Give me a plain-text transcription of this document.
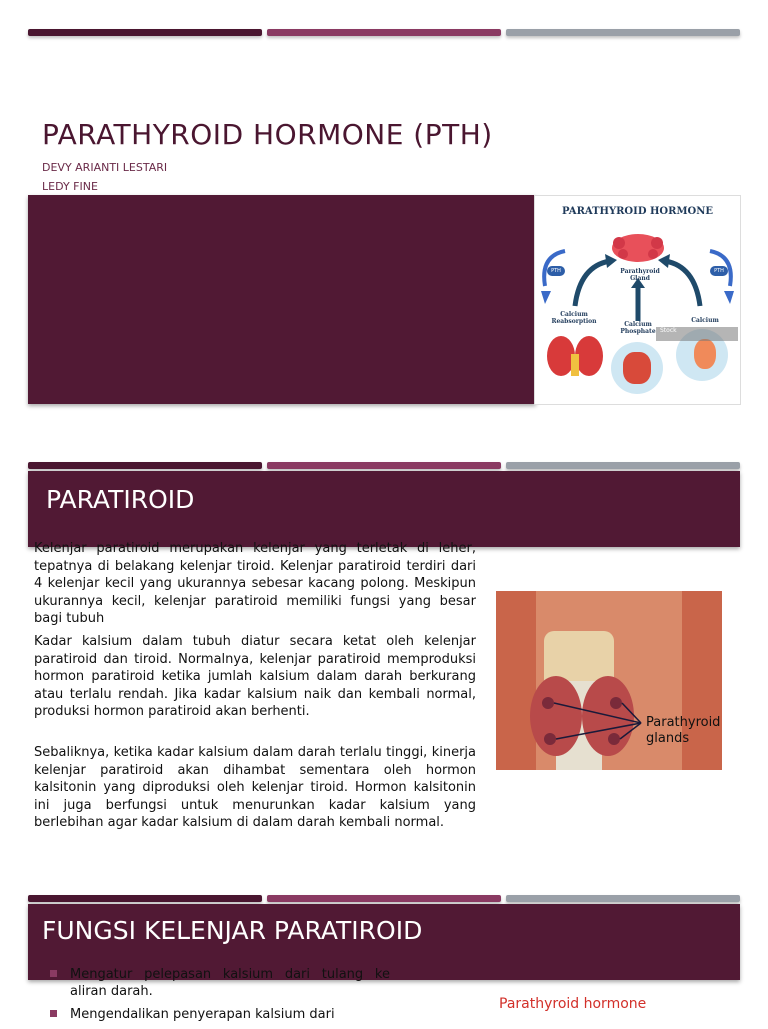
PARATHYROID HORMONE (PTH)
DEVY ARIANTI LESTARI
LEDY FINE
PARATHYROID HORMONE
Parathyroid Gland
PTH	PTH
Calcium Reabsorption	Calcium Phosphate
Calcium
Stock
PARATIROID

Kelenjar paratiroid merupakan kelenjar yang terletak di leher, tepatnya di belakang kelenjar tiroid. Kelenjar paratiroid terdiri dari 4 kelenjar kecil yang ukurannya sebesar kacang polong. Meskipun ukurannya kecil, kelenjar paratiroid memiliki fungsi yang besar bagi tubuh

Kadar kalsium dalam tubuh diatur secara ketat oleh kelenjar paratiroid dan tiroid. Normalnya, kelenjar paratiroid memproduksi hormon paratiroid ketika jumlah kalsium dalam darah berkurang atau terlalu rendah. Jika kadar kalsium naik dan kembali normal, produksi hormon paratiroid akan berhenti.

Sebaliknya, ketika kadar kalsium dalam darah terlalu tinggi, kinerja kelenjar paratiroid akan dihambat sementara oleh hormon kalsitonin yang diproduksi oleh kelenjar tiroid. Hormon kalsitonin ini juga berfungsi untuk menurunkan kadar kalsium yang berlebihan agar kadar kalsium di dalam darah kembali normal.

Parathyroid glands
FUNGSI KELENJAR PARATIROID
Mengatur pelepasan kalsium dari tulang ke aliran darah.
Mengendalikan penyerapan kalsium dari
Parathyroid hormone
